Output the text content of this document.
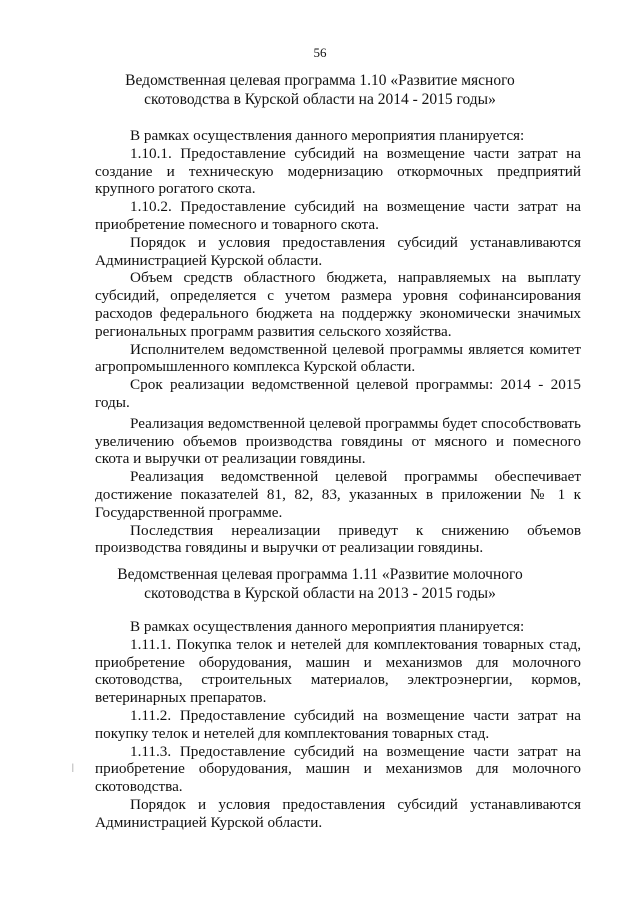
56
Ведомственная целевая программа 1.10 «Развитие мясного
скотоводства в Курской области на 2014 - 2015 годы»

В рамках осуществления данного мероприятия планируется:

1.10.1. Предоставление субсидий на возмещение части затрат на создание и техническую модернизацию откормочных предприятий крупного рогатого скота.

1.10.2. Предоставление субсидий на возмещение части затрат на приобретение помесного и товарного скота.

Порядок и условия предоставления субсидий устанавливаются Администрацией Курской области.

Объем средств областного бюджета, направляемых на выплату субсидий, определяется с учетом размера уровня софинансирования расходов федерального бюджета на поддержку экономически значимых региональных программ развития сельского хозяйства.

Исполнителем ведомственной целевой программы является комитет агропромышленного комплекса Курской области.

Срок реализации ведомственной целевой программы: 2014 - 2015 годы.

Реализация ведомственной целевой программы будет способствовать увеличению объемов производства говядины от мясного и помесного скота и выручки от реализации говядины.

Реализация ведомственной целевой программы обеспечивает достижение показателей 81, 82, 83, указанных в приложении № 1 к Государственной программе.

Последствия нереализации приведут к снижению объемов производства говядины и выручки от реализации говядины.

Ведомственная целевая программа 1.11 «Развитие молочного
скотоводства в Курской области на 2013 - 2015 годы»

В рамках осуществления данного мероприятия планируется:

1.11.1. Покупка телок и нетелей для комплектования товарных стад, приобретение оборудования, машин и механизмов для молочного скотоводства, строительных материалов, электроэнергии, кормов, ветеринарных препаратов.

1.11.2. Предоставление субсидий на возмещение части затрат на покупку телок и нетелей для комплектования товарных стад.

1.11.3. Предоставление субсидий на возмещение части затрат на приобретение оборудования, машин и механизмов для молочного скотоводства.

Порядок и условия предоставления субсидий устанавливаются Администрацией Курской области.

|
